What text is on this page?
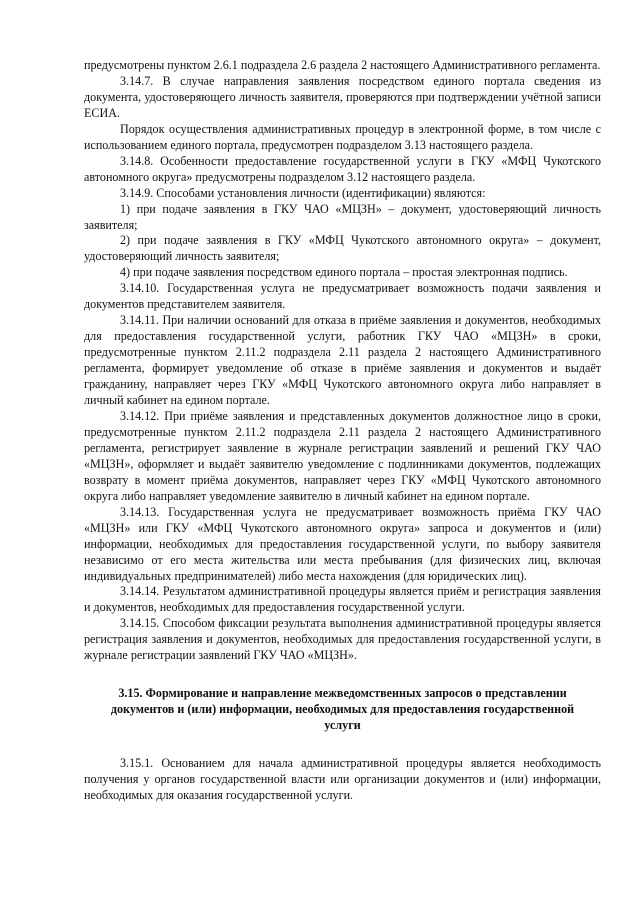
предусмотрены пунктом 2.6.1 подраздела 2.6 раздела 2 настоящего Административного регламента.

3.14.7. В случае направления заявления посредством единого портала сведения из документа, удостоверяющего личность заявителя, проверяются при подтверждении учётной записи ЕСИА.

Порядок осуществления административных процедур в электронной форме, в том числе с использованием единого портала, предусмотрен подразделом 3.13 настоящего раздела.

3.14.8. Особенности предоставление государственной услуги в ГКУ «МФЦ Чукотского автономного округа» предусмотрены подразделом 3.12 настоящего раздела.

3.14.9. Способами установления личности (идентификации) являются:

1) при подаче заявления в ГКУ ЧАО «МЦЗН» – документ, удостоверяющий личность заявителя;

2) при подаче заявления в ГКУ «МФЦ Чукотского автономного округа» – документ, удостоверяющий личность заявителя;

4) при подаче заявления посредством единого портала – простая электронная подпись.

3.14.10. Государственная услуга не предусматривает возможность подачи заявления и документов представителем заявителя.

3.14.11. При наличии оснований для отказа в приёме заявления и документов, необходимых для предоставления государственной услуги, работник ГКУ ЧАО «МЦЗН» в сроки, предусмотренные пунктом 2.11.2 подраздела 2.11 раздела 2 настоящего Административного регламента, формирует уведомление об отказе в приёме заявления и документов и выдаёт гражданину, направляет через ГКУ «МФЦ Чукотского автономного округа либо направляет в личный кабинет на едином портале.

3.14.12. При приёме заявления и представленных документов должностное лицо в сроки, предусмотренные пунктом 2.11.2 подраздела 2.11 раздела 2 настоящего Административного регламента, регистрирует заявление в журнале регистрации заявлений и решений ГКУ ЧАО «МЦЗН», оформляет и выдаёт заявителю уведомление с подлинниками документов, подлежащих возврату в момент приёма документов, направляет через ГКУ «МФЦ Чукотского автономного округа либо направляет уведомление заявителю в личный кабинет на едином портале.

3.14.13. Государственная услуга не предусматривает возможность приёма ГКУ ЧАО «МЦЗН» или ГКУ «МФЦ Чукотского автономного округа» запроса и документов и (или) информации, необходимых для предоставления государственной услуги, по выбору заявителя независимо от его места жительства или места пребывания (для физических лиц, включая индивидуальных предпринимателей) либо места нахождения (для юридических лиц).

3.14.14. Результатом административной процедуры является приём и регистрация заявления и документов, необходимых для предоставления государственной услуги.

3.14.15. Способом фиксации результата выполнения административной процедуры является регистрация заявления и документов, необходимых для предоставления государственной услуги, в журнале регистрации заявлений ГКУ ЧАО «МЦЗН».

3.15. Формирование и направление межведомственных запросов о представлении документов и (или) информации, необходимых для предоставления государственной услуги

3.15.1. Основанием для начала административной процедуры является необходимость получения у органов государственной власти или организации документов и (или) информации, необходимых для оказания государственной услуги.
